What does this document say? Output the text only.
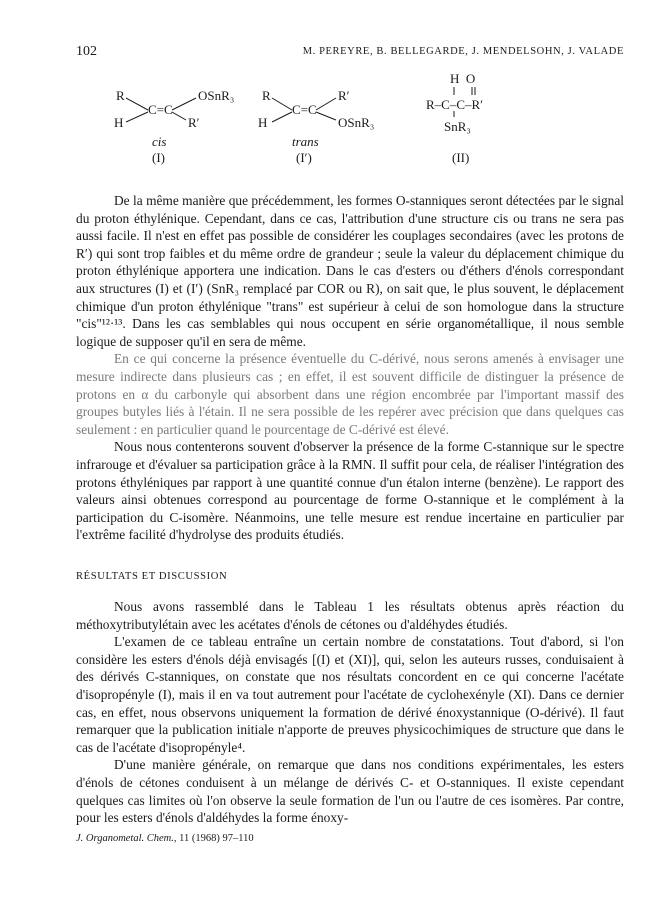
102	M. PEREYRE, B. BELLEGARDE, J. MENDELSOHN, J. VALADE
R	OSnR₃
C=C
H	R′
cis
(I)
R	R′
C=C
H	OSnR₃
trans
(I′)
H  O
R–C–C–R′
SnR₃
(II)

De la même manière que précédemment, les formes O-stanniques seront détectées par le signal du proton éthylénique. Cependant, dans ce cas, l'attribution d'une structure cis ou trans ne sera pas aussi facile. Il n'est en effet pas possible de considérer les couplages secondaires (avec les protons de R′) qui sont trop faibles et du même ordre de grandeur ; seule la valeur du déplacement chimique du proton éthylénique apportera une indication. Dans le cas d'esters ou d'éthers d'énols correspondant aux structures (I) et (I′) (SnR₃ remplacé par COR ou R), on sait que, le plus souvent, le déplacement chimique d'un proton éthylénique "trans" est supérieur à celui de son homologue dans la structure "cis"¹²·¹³. Dans les cas semblables qui nous occupent en série organométallique, il nous semble logique de supposer qu'il en sera de même.

En ce qui concerne la présence éventuelle du C-dérivé, nous serons amenés à envisager une mesure indirecte dans plusieurs cas ; en effet, il est souvent difficile de distinguer la présence de protons en α du carbonyle qui absorbent dans une région encombrée par l'important massif des groupes butyles liés à l'étain. Il ne sera possible de les repérer avec précision que dans quelques cas seulement : en particulier quand le pourcentage de C-dérivé est élevé.

Nous nous contenterons souvent d'observer la présence de la forme C-stannique sur le spectre infrarouge et d'évaluer sa participation grâce à la RMN. Il suffit pour cela, de réaliser l'intégration des protons éthyléniques par rapport à une quantité connue d'un étalon interne (benzène). Le rapport des valeurs ainsi obtenues correspond au pourcentage de forme O-stannique et le complément à la participation du C-isomère. Néanmoins, une telle mesure est rendue incertaine en particulier par l'extrême facilité d'hydrolyse des produits étudiés.

RÉSULTATS ET DISCUSSION

Nous avons rassemblé dans le Tableau 1 les résultats obtenus après réaction du méthoxytributylétain avec les acétates d'énols de cétones ou d'aldéhydes étudiés.

L'examen de ce tableau entraîne un certain nombre de constatations. Tout d'abord, si l'on considère les esters d'énols déjà envisagés [(I) et (XI)], qui, selon les auteurs russes, conduisaient à des dérivés C-stanniques, on constate que nos résultats concordent en ce qui concerne l'acétate d'isopropényle (I), mais il en va tout autrement pour l'acétate de cyclohexényle (XI). Dans ce dernier cas, en effet, nous observons uniquement la formation de dérivé énoxystannique (O-dérivé). Il faut remarquer que la publication initiale n'apporte de preuves physicochimiques de structure que dans le cas de l'acétate d'isopropényle⁴.

D'une manière générale, on remarque que dans nos conditions expérimentales, les esters d'énols de cétones conduisent à un mélange de dérivés C- et O-stanniques. Il existe cependant quelques cas limites où l'on observe la seule formation de l'un ou l'autre de ces isomères. Par contre, pour les esters d'énols d'aldéhydes la forme énoxy-

J. Organometal. Chem., 11 (1968) 97–110
